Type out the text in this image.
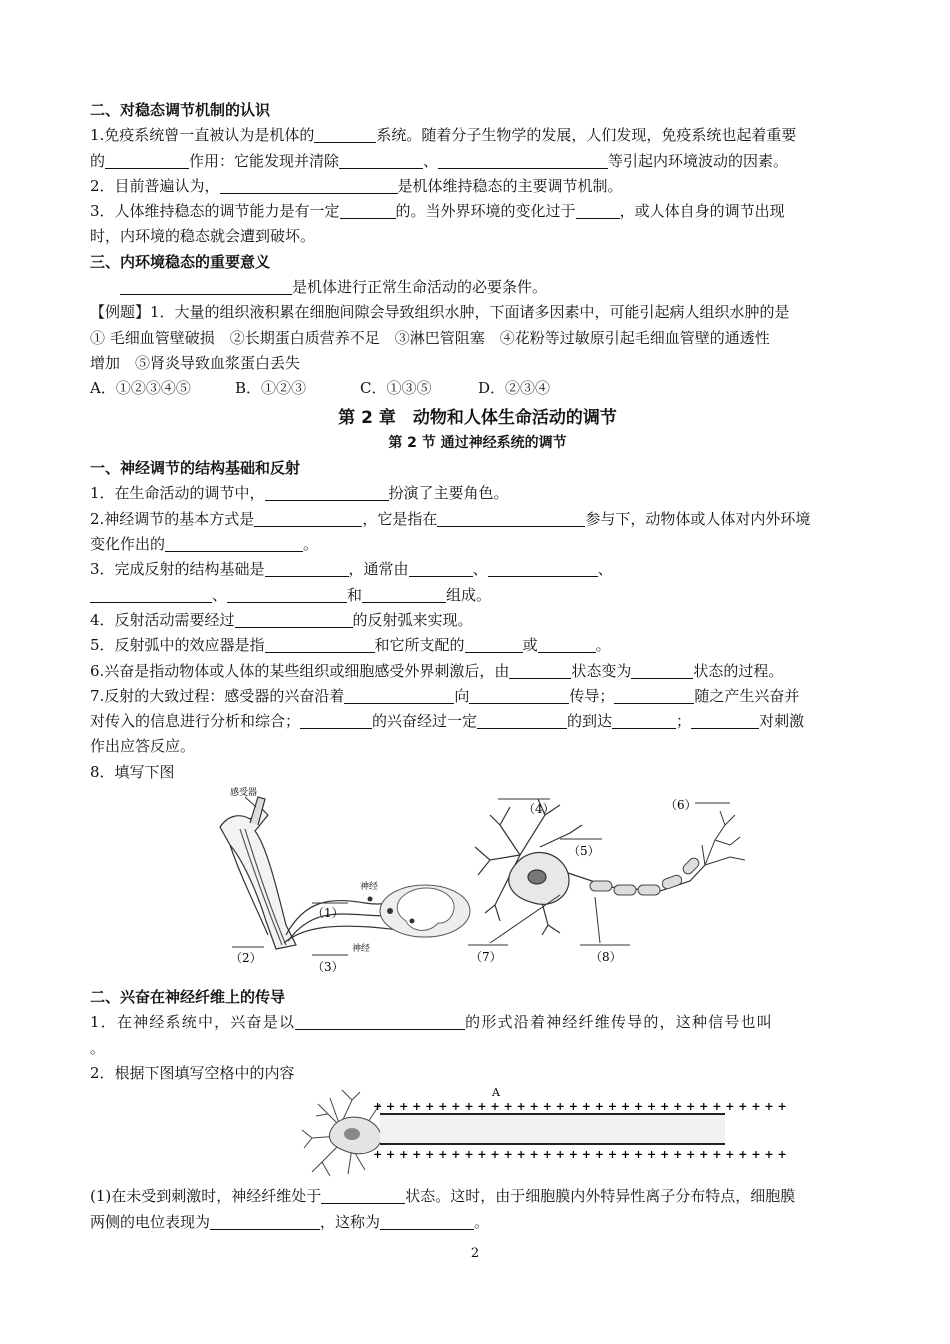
二、对稳态调节机制的认识
1.免疫系统曾一直被认为是机体的	系统。随着分子生物学的发展，人们发现，免疫系统也起着重要
的	作用：它能发现并清除	、	等引起内环境波动的因素。
2．目前普遍认为，	是机体维持稳态的主要调节机制。
3．人体维持稳态的调节能力是有一定	的。当外界环境的变化过于	，或人体自身的调节出现
时，内环境的稳态就会遭到破坏。
三、内环境稳态的重要意义
是机体进行正常生命活动的必要条件。
【例题】1．大量的组织液积累在细胞间隙会导致组织水肿，下面诸多因素中，可能引起病人组织水肿的是
① 毛细血管壁破损　②长期蛋白质营养不足　③淋巴管阻塞　④花粉等过敏原引起毛细血管壁的通透性
增加　⑤肾炎导致血浆蛋白丢失
A．①②③④⑤	B．①②③	C．①③⑤	D．②③④
第 2 章　动物和人体生命活动的调节
第 2 节 通过神经系统的调节
一、神经调节的结构基础和反射
1．在生命活动的调节中，	扮演了主要角色。
2.神经调节的基本方式是	，它是指在	参与下，动物体或人体对内外环境
变化作出的	。
3．完成反射的结构基础是	，通常由	、	、
、	和	组成。
4．反射活动需要经过	的反射弧来实现。
5．反射弧中的效应器是指	和它所支配的	或	。
6.兴奋是指动物体或人体的某些组织或细胞感受外界刺激后，由	状态变为	状态的过程。
7.反射的大致过程：感受器的兴奋沿着	向	传导；	随之产生兴奋并
对传入的信息进行分析和综合；	的兴奋经过一定	的到达	；	对刺激
作出应答反应。
8．填写下图
感受器
神经
神经
（1）
（2）
（3）
（4）
（5）
（6）
（7）	（8）
二、兴奋在神经纤维上的传导
1．在神经系统中，兴奋是以	的形式沿着神经纤维传导的，这种信号也叫
。
2．根据下图填写空格中的内容
+ + + + + + + + + + + + + + + + + + + + + + + + + + + + + + + +
+ + + + + + + + + + + + + + + + + + + + + + + + + + + + + + + +
A
(1)在未受到刺激时，神经纤维处于	状态。这时，由于细胞膜内外特异性离子分布特点，细胞膜
两侧的电位表现为	，这称为	。
2
